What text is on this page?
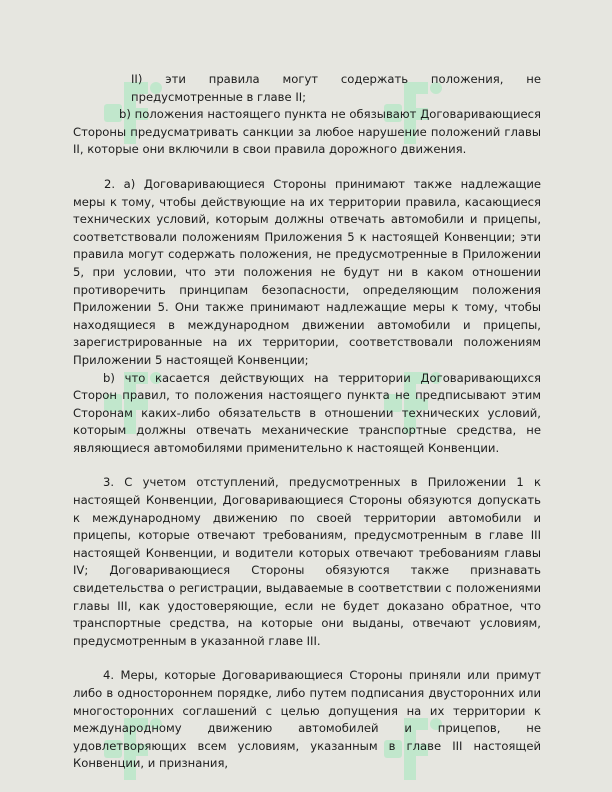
II) эти правила могут содержать положения, не предусмотренные в главе II;

b) положения настоящего пункта не обязывают Договаривающиеся Стороны предусматривать санкции за любое нарушение положений главы II, которые они включили в свои правила дорожного движения.

2. a) Договаривающиеся Стороны принимают также надлежащие меры к тому, чтобы действующие на их территории правила, касающиеся технических условий, которым должны отвечать автомобили и прицепы, соответствовали положениям Приложения 5 к настоящей Конвенции; эти правила могут содержать положения, не предусмотренные в Приложении 5, при условии, что эти положения не будут ни в каком отношении противоречить принципам безопасности, определяющим положения Приложении 5. Они также принимают надлежащие меры к тому, чтобы находящиеся в международном движении автомобили и прицепы, зарегистрированные на их территории, соответствовали положениям Приложении 5 настоящей Конвенции;

b) что касается действующих на территории Договаривающихся Сторон правил, то положения настоящего пункта не предписывают этим Сторонам каких-либо обязательств в отношении технических условий, которым должны отвечать механические транспортные средства, не являющиеся автомобилями применительно к настоящей Конвенции.

3. С учетом отступлений, предусмотренных в Приложении 1 к настоящей Конвенции, Договаривающиеся Стороны обязуются допускать к международному движению по своей территории автомобили и прицепы, которые отвечают требованиям, предусмотренным в главе III настоящей Конвенции, и водители которых отвечают требованиям главы IV; Договаривающиеся Стороны обязуются также признавать свидетельства о регистрации, выдаваемые в соответствии с положениями главы III, как удостоверяющие, если не будет доказано обратное, что транспортные средства, на которые они выданы, отвечают условиям, предусмотренным в указанной главе III.

4. Меры, которые Договаривающиеся Стороны приняли или примут либо в одностороннем порядке, либо путем подписания двусторонних или многосторонних соглашений с целью допущения на их территории к международному движению автомобилей и прицепов, не удовлетворяющих всем условиям, указанным в главе III настоящей Конвенции, и признания,
